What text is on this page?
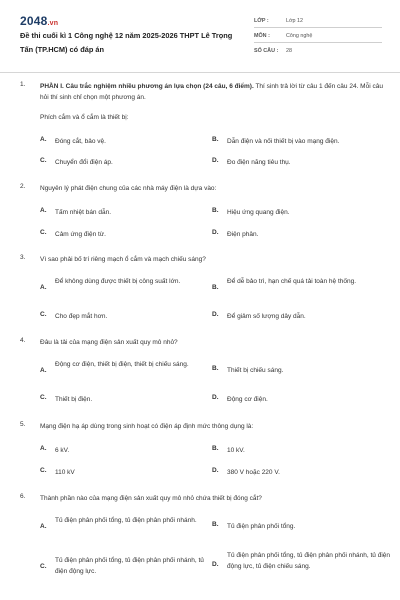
2048.vn
Đề thi cuối kì 1 Công nghệ 12 năm 2025-2026 THPT Lê Trọng Tấn (TP.HCM) có đáp án
LỚP :	Lớp 12
MÔN :	Công nghệ
SỐ CÂU : 28
1. PHẦN I. Câu trắc nghiệm nhiều phương án lựa chọn (24 câu, 6 điểm). Thí sinh trả lời từ câu 1 đến câu 24. Mỗi câu hỏi thí sinh chỉ chọn một phương án.
Phích cắm và ổ cắm là thiết bị:
A. Đóng cắt, bảo vệ.	B. Dẫn điện và nối thiết bị vào mạng điện.
C. Chuyển đổi điện áp.	D. Đo điện năng tiêu thụ.
2. Nguyên lý phát điện chung của các nhà máy điện là dựa vào:
A. Tấm nhiệt bán dẫn.	B. Hiệu ứng quang điện.
C. Cảm ứng điện từ.	D. Điện phân.
3. Vì sao phải bố trí riêng mạch ổ cắm và mạch chiếu sáng?
A.
Để không dùng được thiết bị công suất lớn.
B.
Để dễ bảo trì, hạn chế quá tải toàn hệ thống.
C. Cho đẹp mắt hơn.	D. Để giảm số lượng dây dẫn.
4. Đâu là tải của mạng điện sản xuất quy mô nhỏ?
A.
Động cơ điện, thiết bị điện, thiết bị chiếu sáng.
B. Thiết bị chiếu sáng.
C. Thiết bị điện.	D. Động cơ điện.
5. Mạng điện hạ áp dùng trong sinh hoạt có điện áp định mức thông dụng là:
A. 6 kV.	B. 10 kV.
C. 110 kV	D. 380 V hoặc 220 V.
6. Thành phần nào của mạng điện sản xuất quy mô nhỏ chứa thiết bị đóng cắt?
A.
Tủ điện phân phối tổng, tủ điện phân phối nhánh.
B. Tủ điện phân phối tổng.
C.
Tủ điện phân phối tổng, tủ điện phân phối nhánh, tủ điện động lực.
D.
Tủ điện phân phối tổng, tủ điện phân phối nhánh, tủ điện động lực, tủ điện chiếu sáng.
